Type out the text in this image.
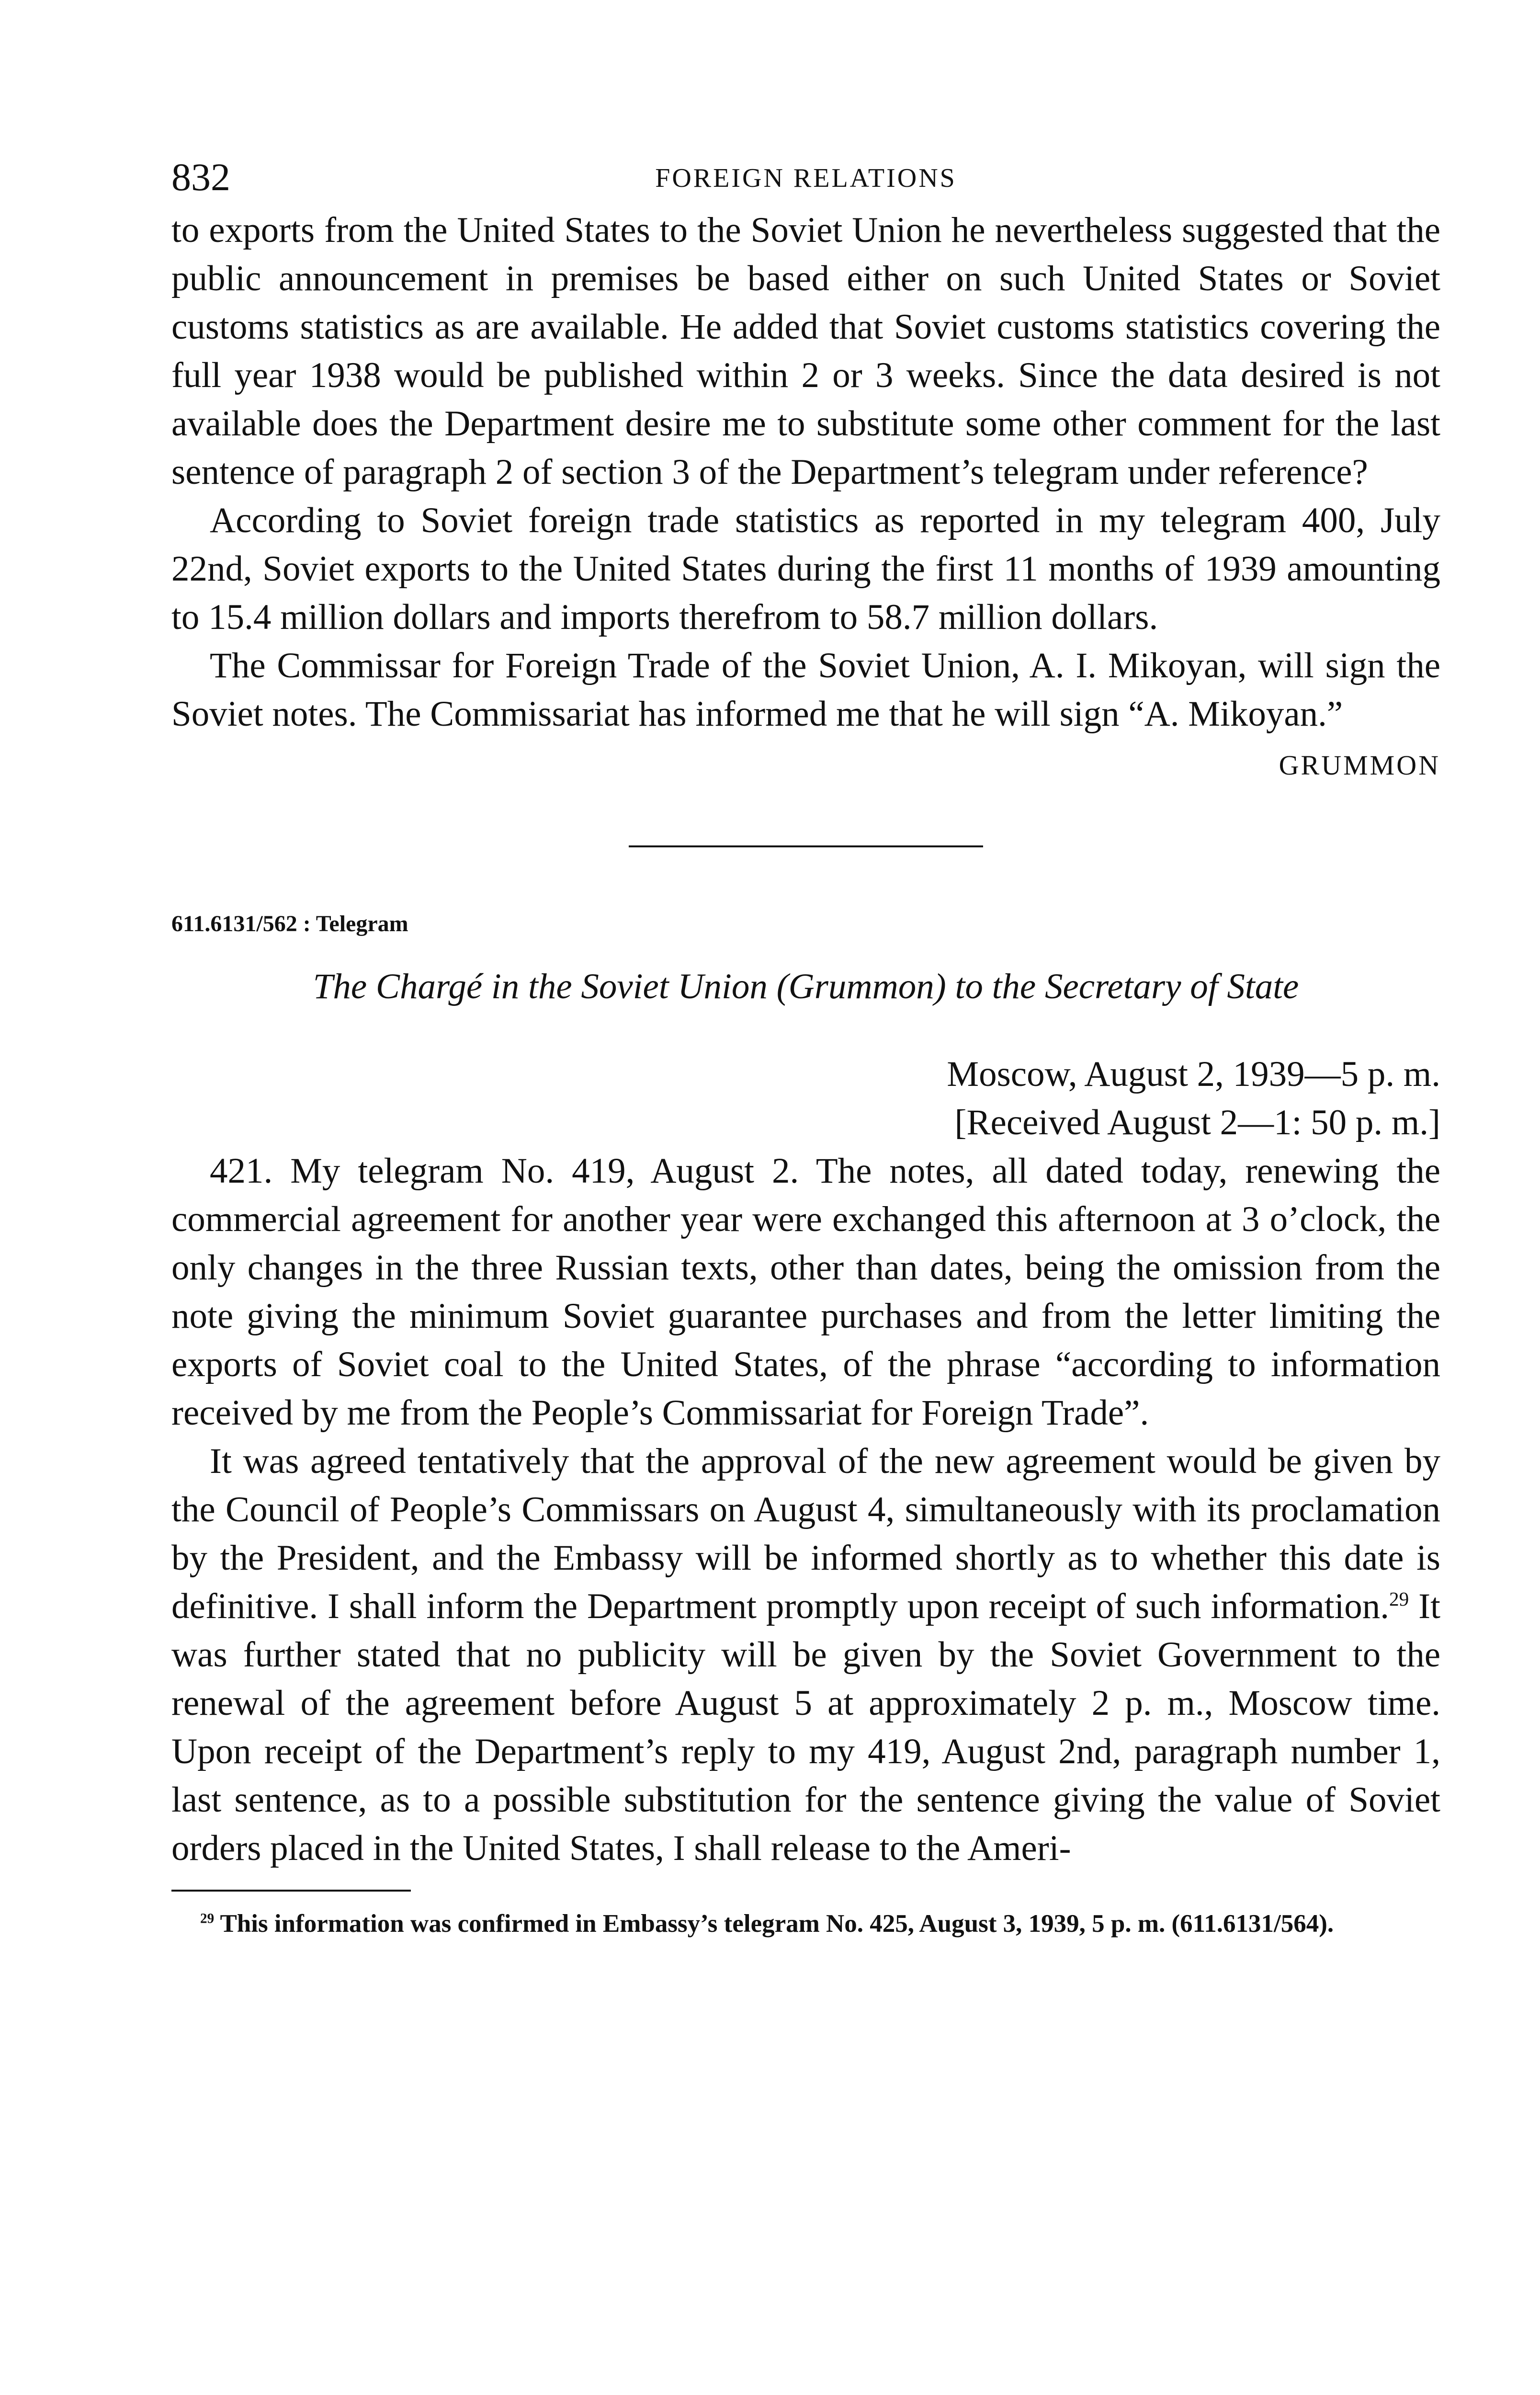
832	FOREIGN RELATIONS

to exports from the United States to the Soviet Union he nevertheless suggested that the public announcement in premises be based either on such United States or Soviet customs statistics as are available. He added that Soviet customs statistics covering the full year 1938 would be published within 2 or 3 weeks. Since the data desired is not available does the Department desire me to substitute some other comment for the last sentence of paragraph 2 of section 3 of the Department’s telegram under reference?

According to Soviet foreign trade statistics as reported in my telegram 400, July 22nd, Soviet exports to the United States during the first 11 months of 1939 amounting to 15.4 million dollars and imports therefrom to 58.7 million dollars.

The Commissar for Foreign Trade of the Soviet Union, A. I. Mikoyan, will sign the Soviet notes. The Commissariat has informed me that he will sign “A. Mikoyan.”

GRUMMON

611.6131/562 : Telegram

The Chargé in the Soviet Union (Grummon) to the Secretary of State

Moscow, August 2, 1939—5 p. m.

[Received August 2—1: 50 p. m.]

421. My telegram No. 419, August 2. The notes, all dated today, renewing the commercial agreement for another year were exchanged this afternoon at 3 o’clock, the only changes in the three Russian texts, other than dates, being the omission from the note giving the minimum Soviet guarantee purchases and from the letter limiting the exports of Soviet coal to the United States, of the phrase “according to information received by me from the People’s Commissariat for Foreign Trade”.

It was agreed tentatively that the approval of the new agreement would be given by the Council of People’s Commissars on August 4, simultaneously with its proclamation by the President, and the Embassy will be informed shortly as to whether this date is definitive. I shall inform the Department promptly upon receipt of such information.$^{29}$ It was further stated that no publicity will be given by the Soviet Government to the renewal of the agreement before August 5 at approximately 2 p. m., Moscow time. Upon receipt of the Department’s reply to my 419, August 2nd, paragraph number 1, last sentence, as to a possible substitution for the sentence giving the value of Soviet orders placed in the United States, I shall release to the Ameri-

$^{29}$ This information was confirmed in Embassy’s telegram No. 425, August 3, 1939, 5 p. m. (611.6131/564).
